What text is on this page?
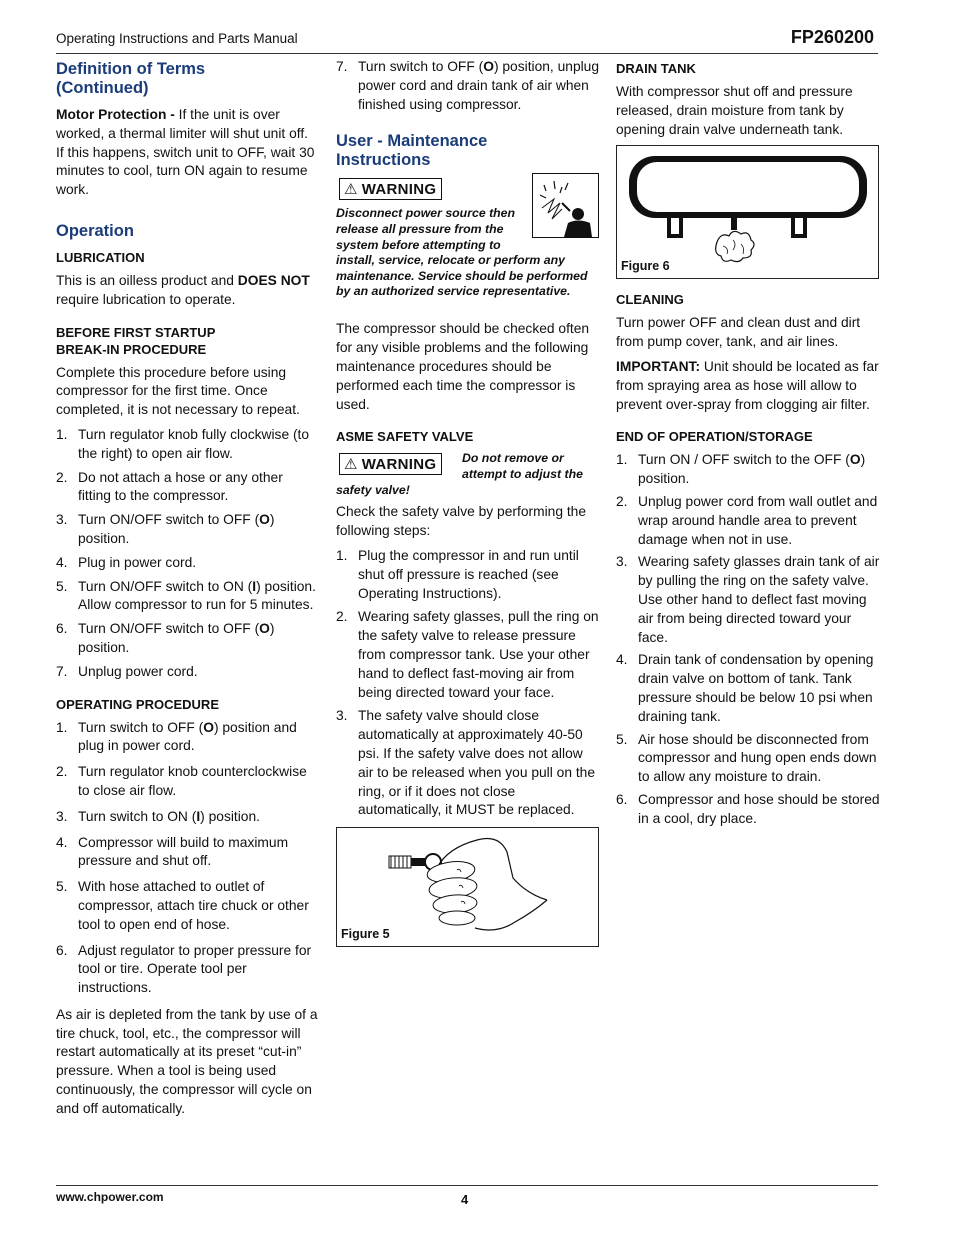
Operating Instructions and Parts Manual	FP260200
Definition of Terms (Continued)

Motor Protection - If the unit is over worked, a thermal limiter will shut unit off. If this happens, switch unit to OFF, wait 30 minutes to cool, turn ON again to resume work.

Operation
LUBRICATION

This is an oilless product and DOES NOT require lubrication to operate.

BEFORE FIRST STARTUP
BREAK-IN PROCEDURE

Complete this procedure before using compressor for the first time. Once completed, it is not necessary to repeat.

1. Turn regulator knob fully clockwise (to the right) to open air flow.
2. Do not attach a hose or any other fitting to the compressor.
3. Turn ON/OFF switch to OFF (O) position.
4. Plug in power cord.
5. Turn ON/OFF switch to ON (I) position. Allow compressor to run for 5 minutes.
6. Turn ON/OFF switch to OFF (O) position.
7. Unplug power cord.
OPERATING PROCEDURE
1. Turn switch to OFF (O) position and plug in power cord.
2. Turn regulator knob counterclockwise to close air flow.
3. Turn switch to ON (I) position.
4. Compressor will build to maximum pressure and shut off.
5. With hose attached to outlet of compressor, attach tire chuck or other tool to open end of hose.
6. Adjust regulator to proper pressure for tool or tire. Operate tool per instructions.

As air is depleted from the tank by use of a tire chuck, tool, etc., the compressor will restart automatically at its preset “cut-in” pressure. When a tool is being used continuously, the compressor will cycle on and off automatically.

7. Turn switch to OFF (O) position, unplug power cord and drain tank of air when finished using compressor.
User - Maintenance Instructions
⚠ WARNING
Disconnect power source then release all pressure from the system before attempting to install, service, relocate or perform any maintenance. Service should be performed by an authorized service representative.

The compressor should be checked often for any visible problems and the following maintenance procedures should be performed each time the compressor is used.

ASME SAFETY VALVE
⚠ WARNING	Do not remove or attempt to adjust the safety valve!

Check the safety valve by performing the following steps:

1. Plug the compressor in and run until shut off pressure is reached (see Operating Instructions).
2. Wearing safety glasses, pull the ring on the safety valve to release pressure from compressor tank. Use your other hand to deflect fast-moving air from being directed toward your face.
3. The safety valve should close automatically at approximately 40-50 psi. If the safety valve does not allow air to be released when you pull on the ring, or if it does not close automatically, it MUST be replaced.
Figure 5
DRAIN TANK

With compressor shut off and pressure released, drain moisture from tank by opening drain valve underneath tank.

Figure 6
CLEANING

Turn power OFF and clean dust and dirt from pump cover, tank, and air lines.

IMPORTANT: Unit should be located as far from spraying area as hose will allow to prevent over-spray from clogging air filter.

END OF OPERATION/STORAGE
1. Turn ON / OFF switch to the OFF (O) position.
2. Unplug power cord from wall outlet and wrap around handle area to prevent damage when not in use.
3. Wearing safety glasses drain tank of air by pulling the ring on the safety valve. Use other hand to deflect fast moving air from being directed toward your face.
4. Drain tank of condensation by opening drain valve on bottom of tank. Tank pressure should be below 10 psi when draining tank.
5. Air hose should be disconnected from compressor and hung open ends down to allow any moisture to drain.
6. Compressor and hose should be stored in a cool, dry place.
www.chpower.com	4
